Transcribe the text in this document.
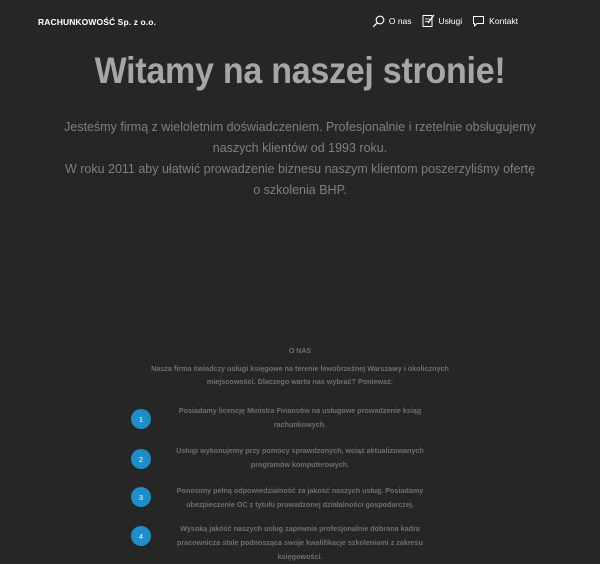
RACHUNKOWOŚĆ Sp. z o.o.	O nas	Usługi	Kontakt
Witamy na naszej stronie!

Jesteśmy firmą z wieloletnim doświadczeniem. Profesjonalnie i rzetelnie obsługujemy naszych klientów od 1993 roku.

W roku 2011 aby ułatwić prowadzenie biznesu naszym klientom poszerzyliśmy ofertę o szkolenia BHP.

O NAS
Nasza firma świadczy usługi księgowe na terenie lewobrzeżnej Warszawy i okolicznych miejscowości. Dlaczego warto nas wybrać? Ponieważ:
1
Posiadamy licencję Ministra Finansów na usługowe prowadzenie ksiąg rachunkowych.
2
Usługi wykonujemy przy pomocy sprawdzonych, wciąż aktualizowanych programów komputerowych.
3
Ponosimy pełną odpowiedzialność za jakość naszych usług. Posiadamy ubezpieczenie OC z tytułu prowadzonej działalności gospodarczej.
4
Wysoką jakość naszych usług zapewnia profesjonalnie dobrana kadra pracownicza stale podnosząca swoje kwalifikacje szkoleniami z zakresu księgowości.
